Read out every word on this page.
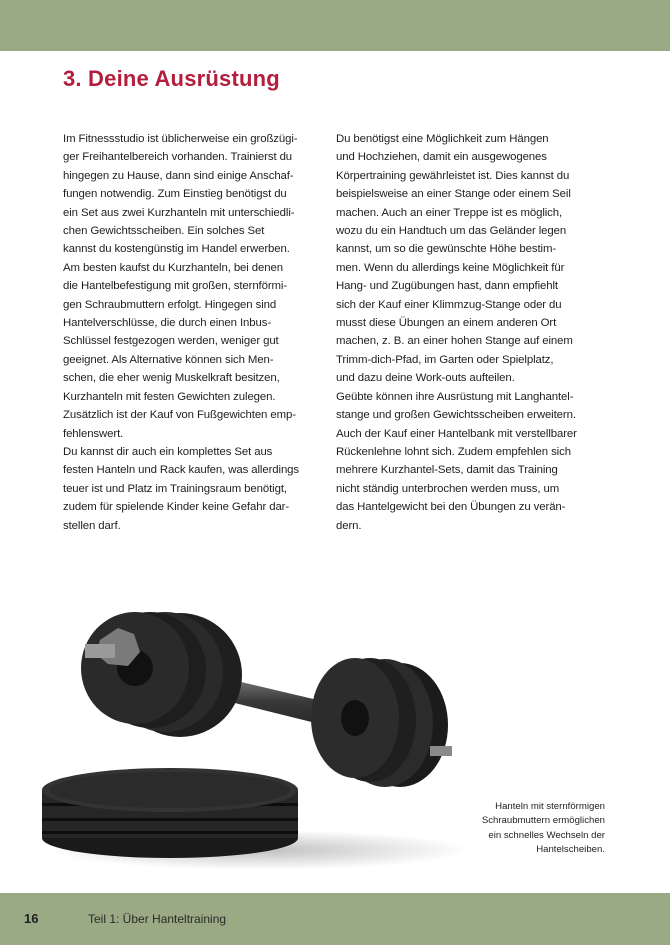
3. Deine Ausrüstung

Im Fitnessstudio ist üblicherweise ein großzügi-
ger Freihantelbereich vorhanden. Trainierst du
hingegen zu Hause, dann sind einige Anschaf-
fungen notwendig. Zum Einstieg benötigst du
ein Set aus zwei Kurzhanteln mit unterschiedli-
chen Gewichtsscheiben. Ein solches Set
kannst du kostengünstig im Handel erwerben.
Am besten kaufst du Kurzhanteln, bei denen
die Hantelbefestigung mit großen, sternförmi-
gen Schraubmuttern erfolgt. Hingegen sind
Hantelverschlüsse, die durch einen Inbus-
Schlüssel festgezogen werden, weniger gut
geeignet. Als Alternative können sich Men-
schen, die eher wenig Muskelkraft besitzen,
Kurzhanteln mit festen Gewichten zulegen.
Zusätzlich ist der Kauf von Fußgewichten emp-
fehlenswert.
Du kannst dir auch ein komplettes Set aus
festen Hanteln und Rack kaufen, was allerdings
teuer ist und Platz im Trainingsraum benötigt,
zudem für spielende Kinder keine Gefahr dar-
stellen darf.

Du benötigst eine Möglichkeit zum Hängen
und Hochziehen, damit ein ausgewogenes
Körpertraining gewährleistet ist. Dies kannst du
beispielsweise an einer Stange oder einem Seil
machen. Auch an einer Treppe ist es möglich,
wozu du ein Handtuch um das Geländer legen
kannst, um so die gewünschte Höhe bestim-
men. Wenn du allerdings keine Möglichkeit für
Hang- und Zugübungen hast, dann empfiehlt
sich der Kauf einer Klimmzug-Stange oder du
musst diese Übungen an einem anderen Ort
machen, z. B. an einer hohen Stange auf einem
Trimm-dich-Pfad, im Garten oder Spielplatz,
und dazu deine Work-outs aufteilen.
Geübte können ihre Ausrüstung mit Langhantel-
stange und großen Gewichtsscheiben erweitern.
Auch der Kauf einer Hantelbank mit verstellbarer
Rückenlehne lohnt sich. Zudem empfehlen sich
mehrere Kurzhantel-Sets, damit das Training
nicht ständig unterbrochen werden muss, um
das Hantelgewicht bei den Übungen zu verän-
dern.

Hanteln mit sternförmigen
Schraubmuttern ermöglichen
ein schnelles Wechseln der
Hantelscheiben.
16	Teil 1: Über Hanteltraining
